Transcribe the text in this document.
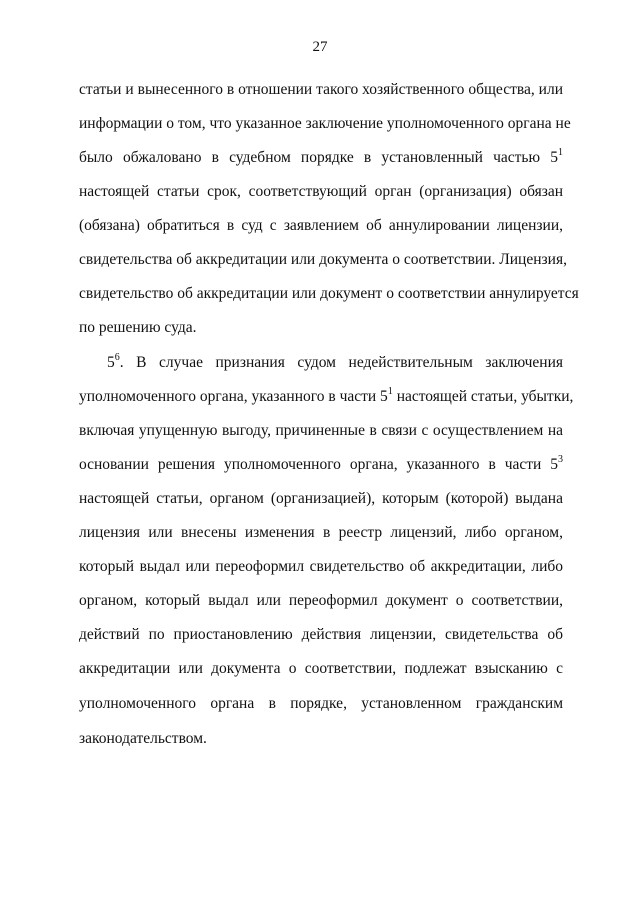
27
статьи и вынесенного в отношении такого хозяйственного общества, или
информации о том, что указанное заключение уполномоченного органа не
было обжаловано в судебном порядке в установленный частью $5^1$
настоящей статьи срок, соответствующий орган (организация) обязан
(обязана) обратиться в суд с заявлением об аннулировании лицензии,
свидетельства об аккредитации или документа о соответствии. Лицензия,
свидетельство об аккредитации или документ о соответствии аннулируется
по решению суда.
$5^6$. В случае признания судом недействительным заключения
уполномоченного органа, указанного в части $5^1$ настоящей статьи, убытки,
включая упущенную выгоду, причиненные в связи с осуществлением на
основании решения уполномоченного органа, указанного в части $5^3$
настоящей статьи, органом (организацией), которым (которой) выдана
лицензия или внесены изменения в реестр лицензий, либо органом,
который выдал или переоформил свидетельство об аккредитации, либо
органом, который выдал или переоформил документ о соответствии,
действий по приостановлению действия лицензии, свидетельства об
аккредитации или документа о соответствии, подлежат взысканию с
уполномоченного органа в порядке, установленном гражданским
законодательством.
